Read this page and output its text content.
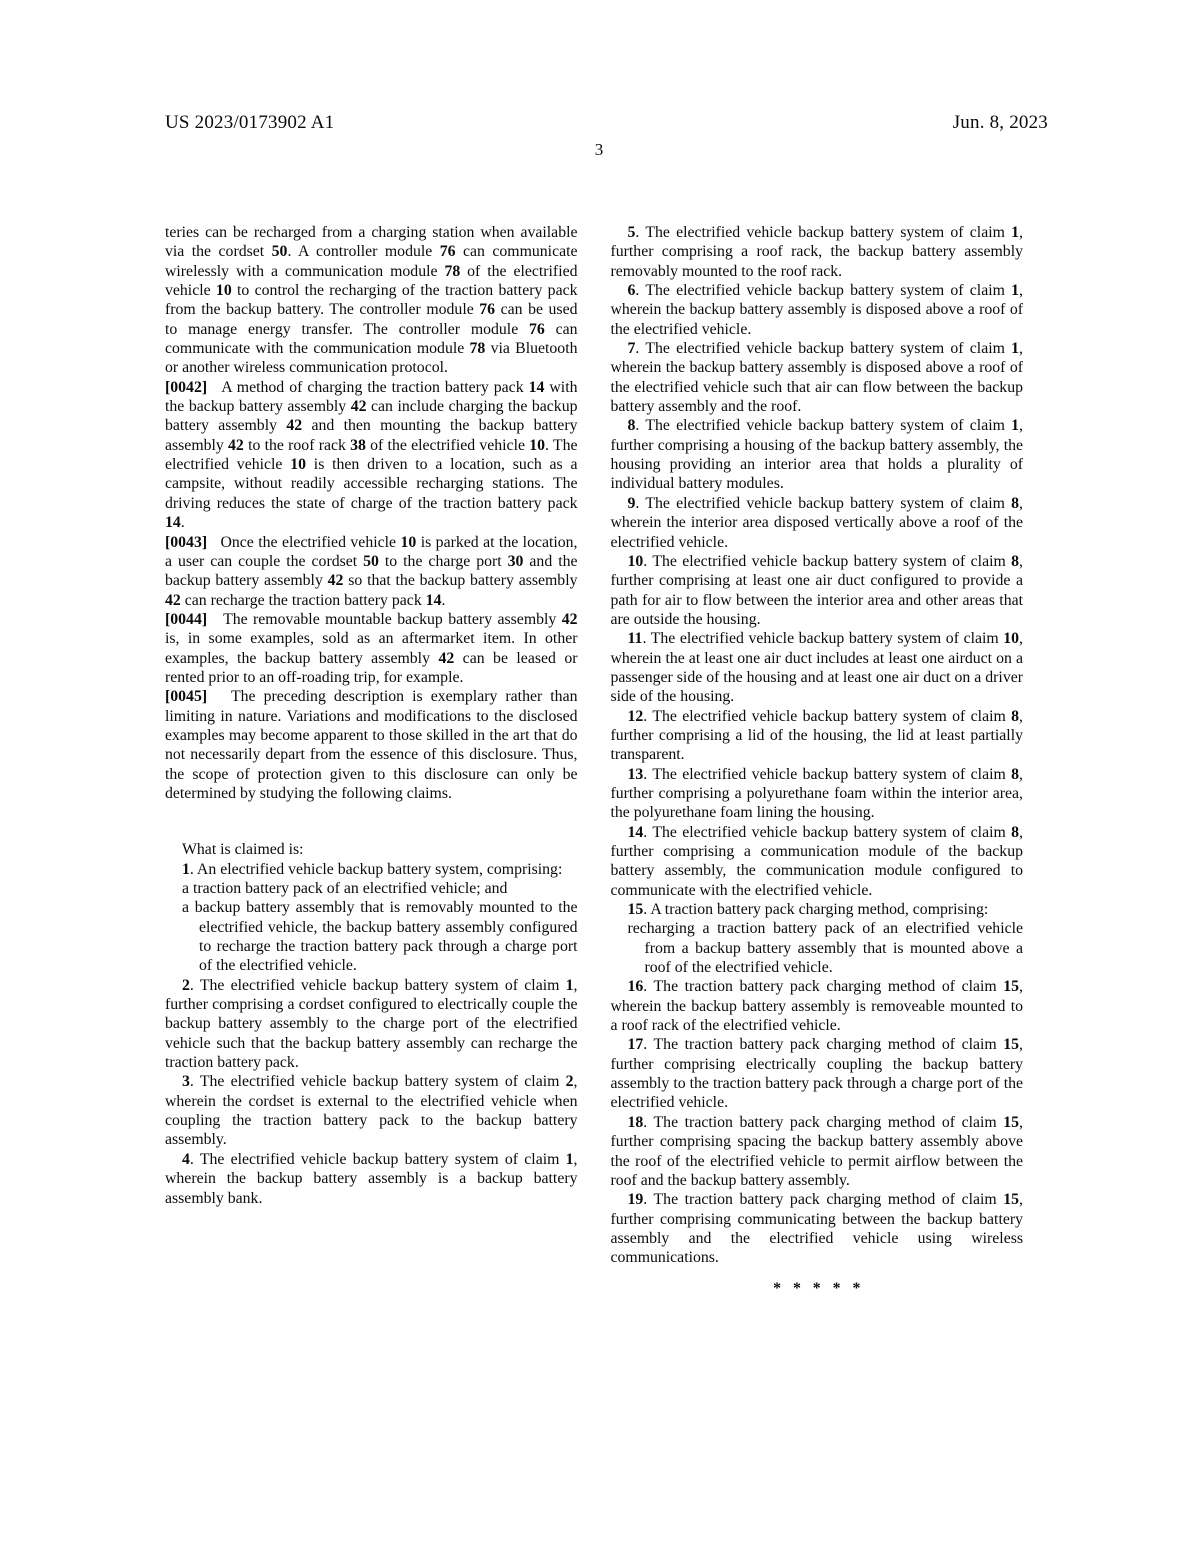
US 2023/0173902 A1	Jun. 8, 2023
3

teries can be recharged from a charging station when available via the cordset 50. A controller module 76 can communicate wirelessly with a communication module 78 of the electrified vehicle 10 to control the recharging of the traction battery pack from the backup battery. The controller module 76 can be used to manage energy transfer. The controller module 76 can communicate with the communication module 78 via Bluetooth or another wireless communication protocol.

[0042]   A method of charging the traction battery pack 14 with the backup battery assembly 42 can include charging the backup battery assembly 42 and then mounting the backup battery assembly 42 to the roof rack 38 of the electrified vehicle 10. The electrified vehicle 10 is then driven to a location, such as a campsite, without readily accessible recharging stations. The driving reduces the state of charge of the traction battery pack 14.

[0043]   Once the electrified vehicle 10 is parked at the location, a user can couple the cordset 50 to the charge port 30 and the backup battery assembly 42 so that the backup battery assembly 42 can recharge the traction battery pack 14.

[0044]   The removable mountable backup battery assembly 42 is, in some examples, sold as an aftermarket item. In other examples, the backup battery assembly 42 can be leased or rented prior to an off-roading trip, for example.

[0045]   The preceding description is exemplary rather than limiting in nature. Variations and modifications to the disclosed examples may become apparent to those skilled in the art that do not necessarily depart from the essence of this disclosure. Thus, the scope of protection given to this disclosure can only be determined by studying the following claims.

What is claimed is:

1. An electrified vehicle backup battery system, comprising:

a traction battery pack of an electrified vehicle; and

a backup battery assembly that is removably mounted to the electrified vehicle, the backup battery assembly configured to recharge the traction battery pack through a charge port of the electrified vehicle.

2. The electrified vehicle backup battery system of claim 1, further comprising a cordset configured to electrically couple the backup battery assembly to the charge port of the electrified vehicle such that the backup battery assembly can recharge the traction battery pack.

3. The electrified vehicle backup battery system of claim 2, wherein the cordset is external to the electrified vehicle when coupling the traction battery pack to the backup battery assembly.

4. The electrified vehicle backup battery system of claim 1, wherein the backup battery assembly is a backup battery assembly bank.

5. The electrified vehicle backup battery system of claim 1, further comprising a roof rack, the backup battery assembly removably mounted to the roof rack.

6. The electrified vehicle backup battery system of claim 1, wherein the backup battery assembly is disposed above a roof of the electrified vehicle.

7. The electrified vehicle backup battery system of claim 1, wherein the backup battery assembly is disposed above a roof of the electrified vehicle such that air can flow between the backup battery assembly and the roof.

8. The electrified vehicle backup battery system of claim 1, further comprising a housing of the backup battery assembly, the housing providing an interior area that holds a plurality of individual battery modules.

9. The electrified vehicle backup battery system of claim 8, wherein the interior area disposed vertically above a roof of the electrified vehicle.

10. The electrified vehicle backup battery system of claim 8, further comprising at least one air duct configured to provide a path for air to flow between the interior area and other areas that are outside the housing.

11. The electrified vehicle backup battery system of claim 10, wherein the at least one air duct includes at least one airduct on a passenger side of the housing and at least one air duct on a driver side of the housing.

12. The electrified vehicle backup battery system of claim 8, further comprising a lid of the housing, the lid at least partially transparent.

13. The electrified vehicle backup battery system of claim 8, further comprising a polyurethane foam within the interior area, the polyurethane foam lining the housing.

14. The electrified vehicle backup battery system of claim 8, further comprising a communication module of the backup battery assembly, the communication module configured to communicate with the electrified vehicle.

15. A traction battery pack charging method, comprising:

recharging a traction battery pack of an electrified vehicle from a backup battery assembly that is mounted above a roof of the electrified vehicle.

16. The traction battery pack charging method of claim 15, wherein the backup battery assembly is removeable mounted to a roof rack of the electrified vehicle.

17. The traction battery pack charging method of claim 15, further comprising electrically coupling the backup battery assembly to the traction battery pack through a charge port of the electrified vehicle.

18. The traction battery pack charging method of claim 15, further comprising spacing the backup battery assembly above the roof of the electrified vehicle to permit airflow between the roof and the backup battery assembly.

19. The traction battery pack charging method of claim 15, further comprising communicating between the backup battery assembly and the electrified vehicle using wireless communications.

* * * * *
